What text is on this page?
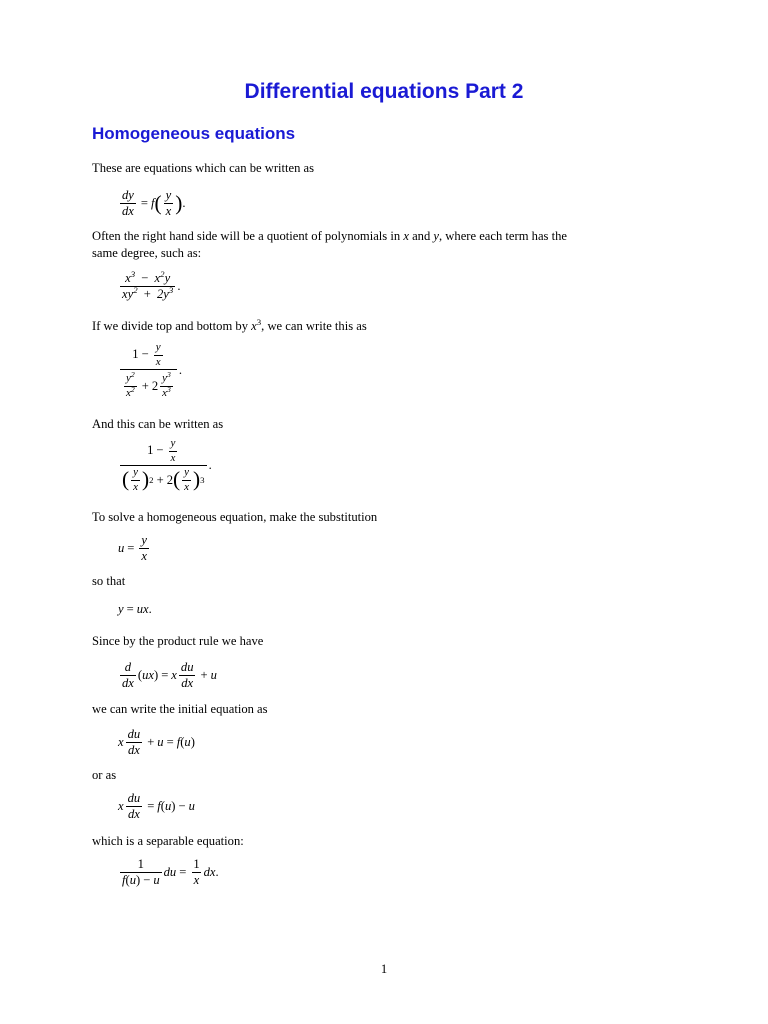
Differential equations Part 2
Homogeneous equations
These are equations which can be written as
$\frac{dy}{dx} = f$ ( $\frac{y}{x}$ ) .
Often the right hand side will be a quotient of polynomials in x and y, where each term has the
same degree, such as:
$\frac{x^3 - x^2y}{xy^2 + 2y^3}$ .
If we divide top and bottom by $x^3$, we can write this as
$\frac{1 - \frac{y}{x}}{\frac{y^2}{x^2} + 2 \frac{y^3}{x^3}}$ .
And this can be written as
$\frac{1 - \frac{y}{x}}{( \frac{y}{x} ) 2 + 2 ( \frac{y}{x} ) 3}$ .
To solve a homogeneous equation, make the substitution
$u = \frac{y}{x}$
so that
y = ux .
Since by the product rule we have
$\frac{d}{dx}$ ( ux ) = x $\frac{du}{dx} + u$
we can write the initial equation as
x $\frac{du}{dx} + u = f$ ( u )
or as
x $\frac{du}{dx} = f$ ( u ) − u
which is a separable equation:
$\frac{1}{f(u) - u}$ du = $\frac{1}{x}$ dx .
1
